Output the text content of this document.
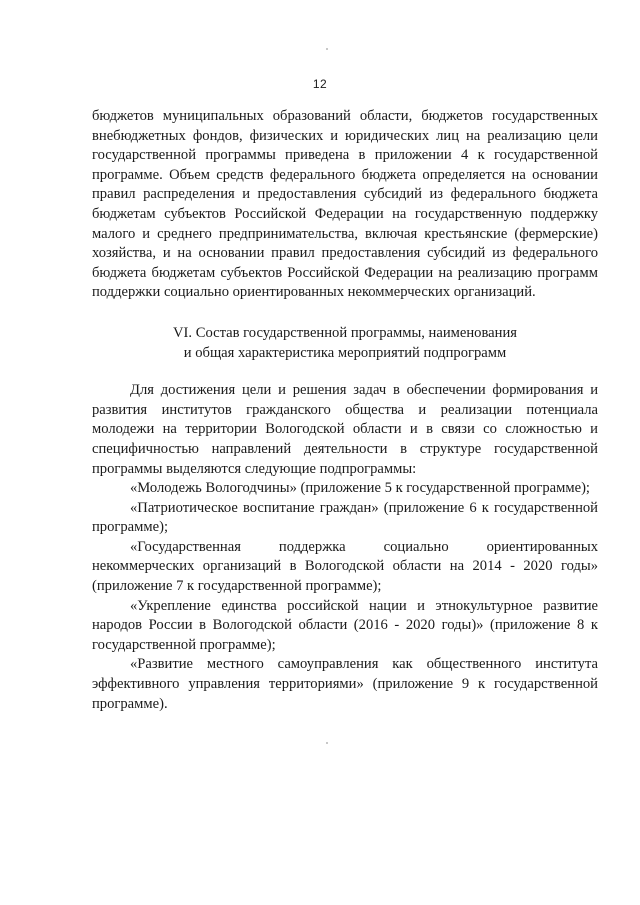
12

бюджетов муниципальных образований области, бюджетов государственных внебюджетных фондов, физических и юридических лиц на реализацию цели государственной программы приведена в приложении 4 к государственной программе. Объем средств федерального бюджета определяется на основании правил распределения и предоставления субсидий из федерального бюджета бюджетам субъектов Российской Федерации на государственную поддержку малого и среднего предпринимательства, включая крестьянские (фермерские) хозяйства, и на основании правил предоставления субсидий из федерального бюджета бюджетам субъектов Российской Федерации на реализацию программ поддержки социально ориентированных некоммерческих организаций.

VI. Состав государственной программы, наименования
и общая характеристика мероприятий подпрограмм

Для достижения цели и решения задач в обеспечении формирования и развития институтов гражданского общества и реализации потенциала молодежи на территории Вологодской области и в связи со сложностью и специфичностью направлений деятельности в структуре государственной программы выделяются следующие подпрограммы:

«Молодежь Вологодчины» (приложение 5 к государственной программе);

«Патриотическое воспитание граждан» (приложение 6 к государственной программе);

«Государственная поддержка социально ориентированных некоммерческих организаций в Вологодской области на 2014 - 2020 годы» (приложение 7 к государственной программе);

«Укрепление единства российской нации и этнокультурное развитие народов России в Вологодской области (2016 - 2020 годы)» (приложение 8 к государственной программе);

«Развитие местного самоуправления как общественного института эффективного управления территориями» (приложение 9 к государственной программе).
